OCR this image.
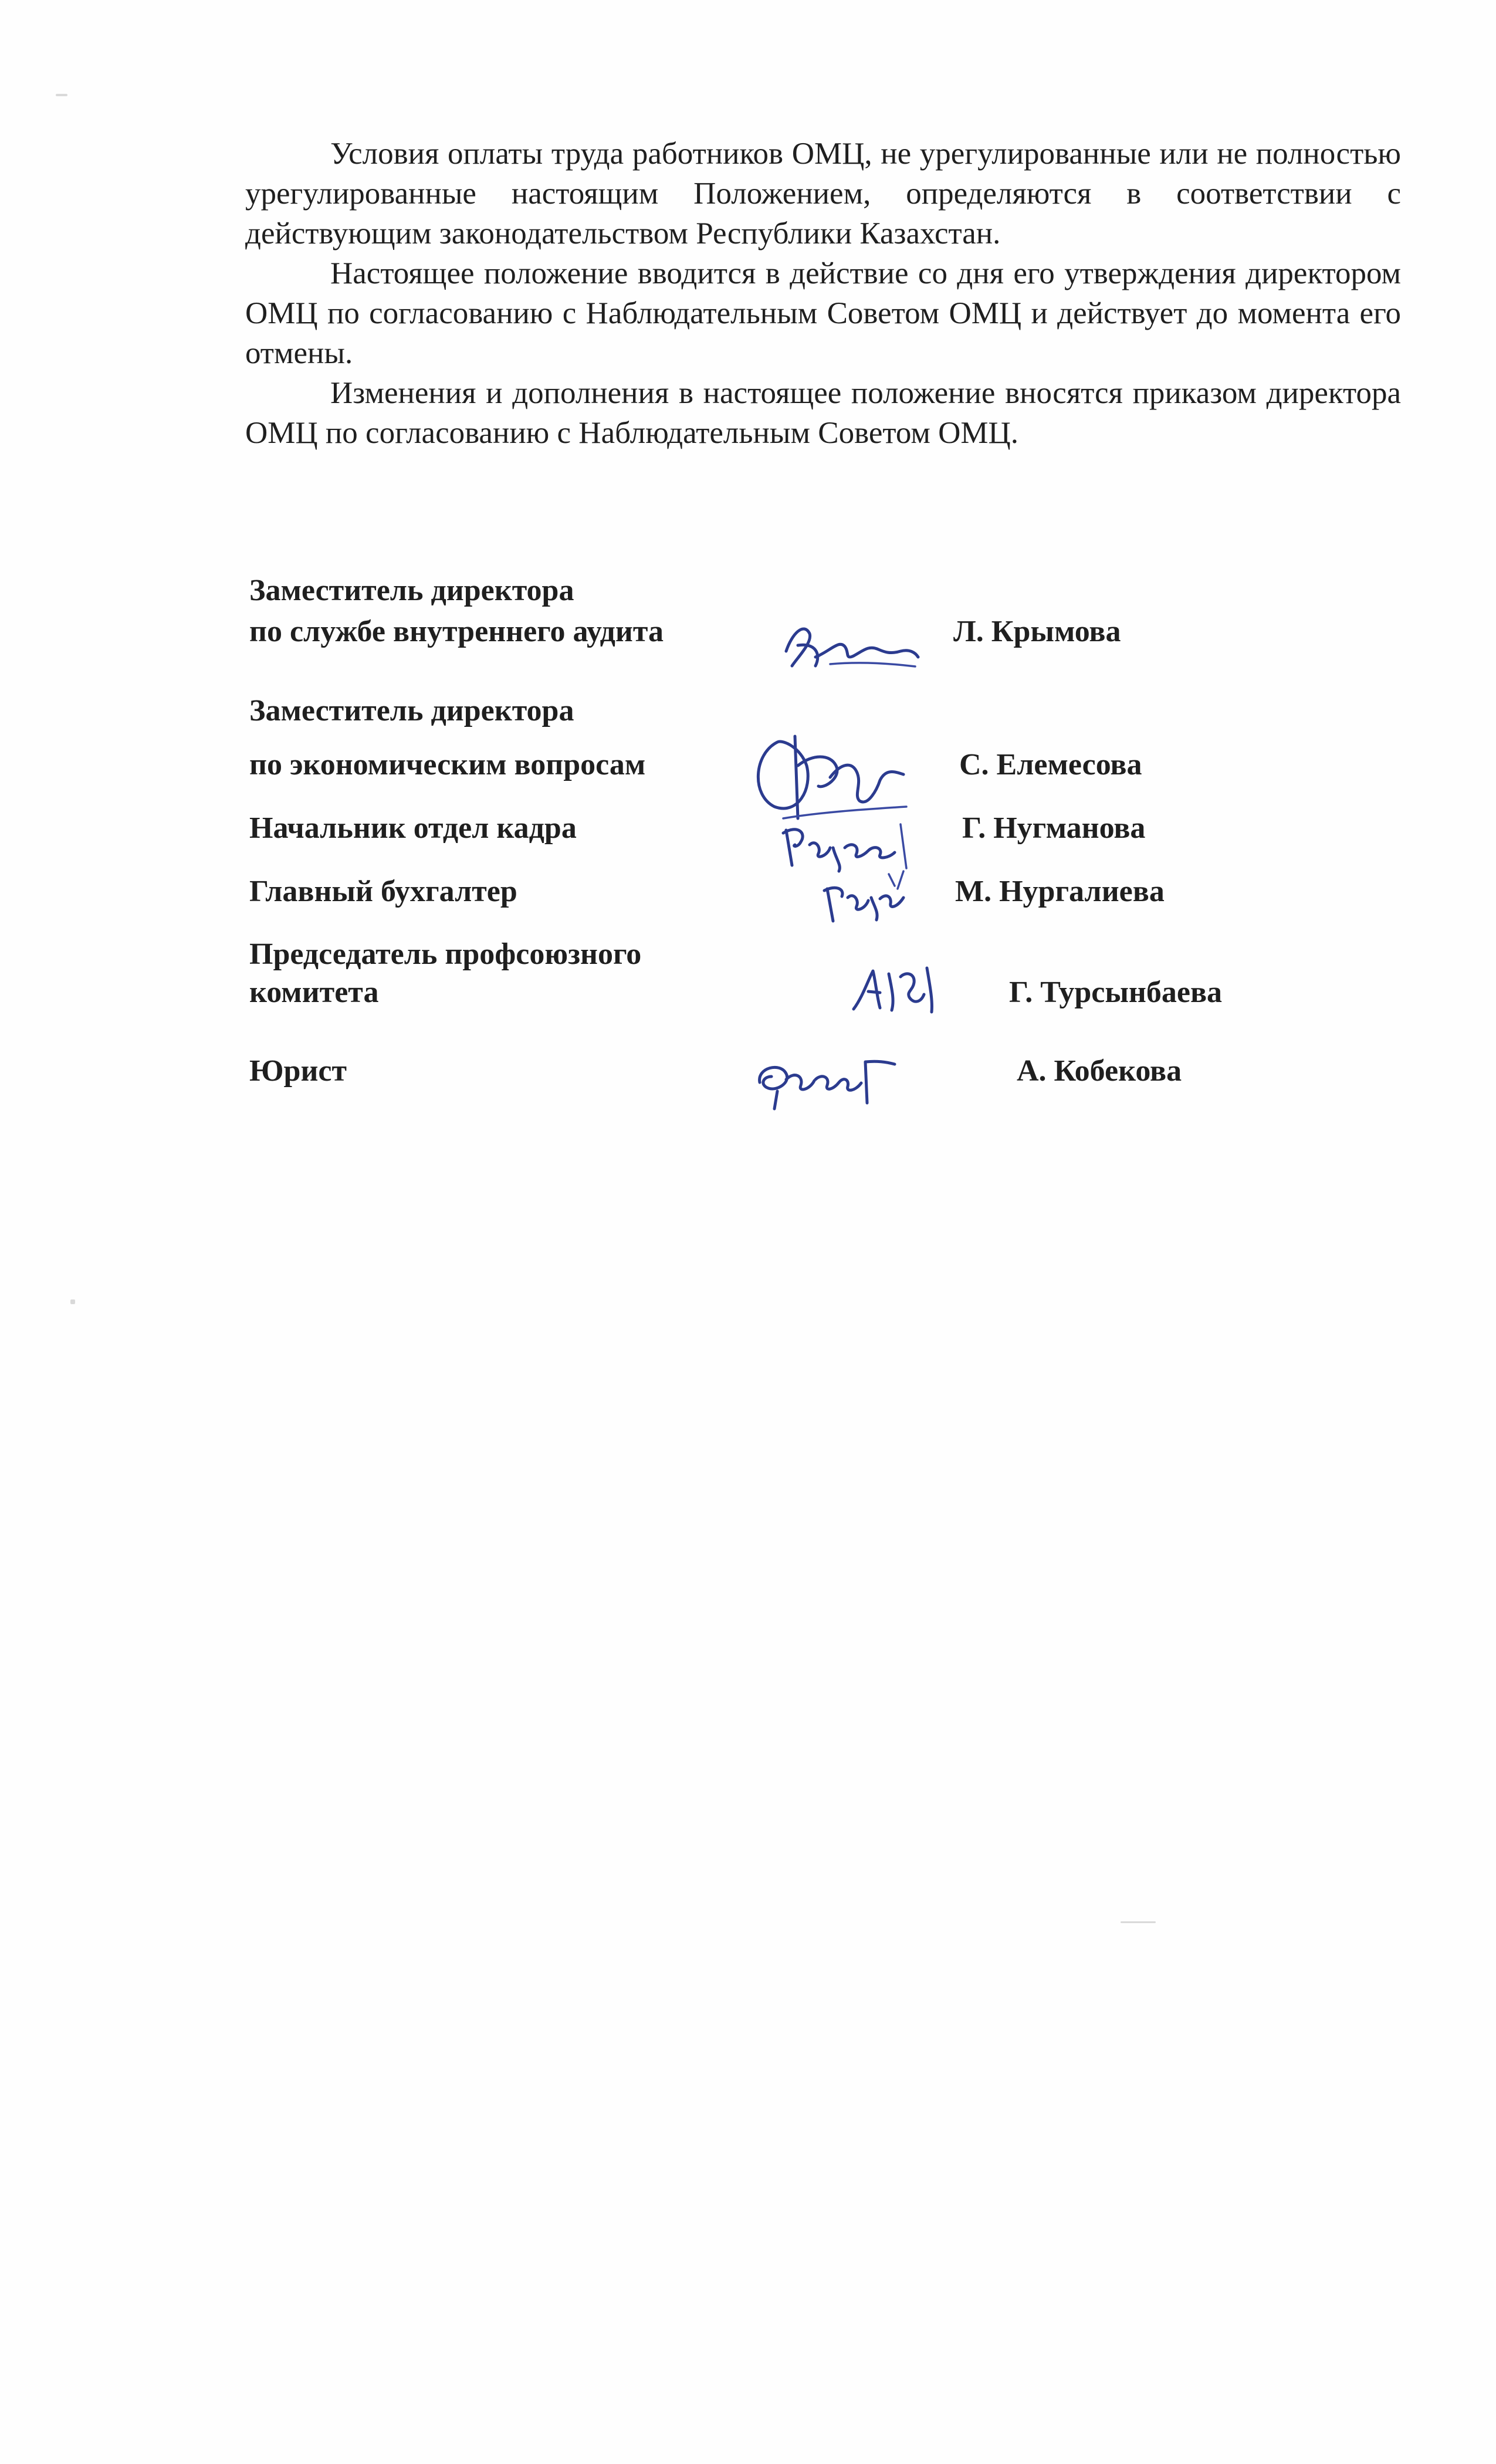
Условия оплаты труда работников ОМЦ, не урегулированные или не полностью урегулированные настоящим Положением, определяются в соответствии с действующим законодательством Республики Казахстан.

Настоящее положение вводится в действие со дня его утверждения директором ОМЦ по согласованию с Наблюдательным Советом ОМЦ и действует до момента его отмены.

Изменения и дополнения в настоящее положение вносятся приказом директора ОМЦ по согласованию с Наблюдательным Советом ОМЦ.

Заместитель директора
по службе внутреннего аудита	Л. Крымова
Заместитель директора
по экономическим вопросам	С. Елемесова
Начальник отдел кадра	Г. Нугманова
Главный бухгалтер	М. Нургалиева
Председатель профсоюзного
комитета	Г. Турсынбаева
Юрист	А. Кобекова
